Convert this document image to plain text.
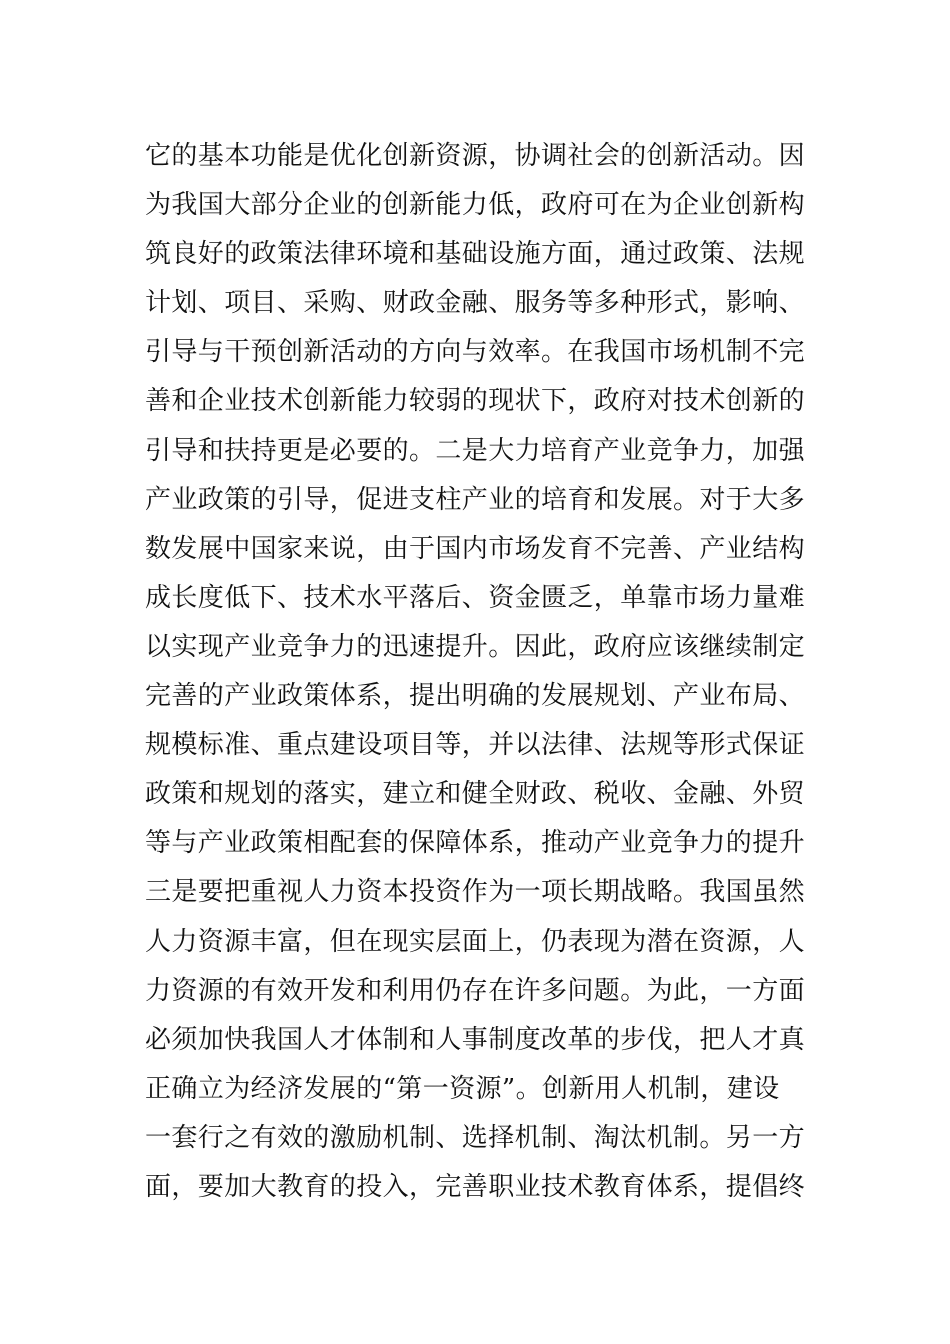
它的基本功能是优化创新资源，协调社会的创新活动。因
为我国大部分企业的创新能力低，政府可在为企业创新构
筑良好的政策法律环境和基础设施方面，通过政策、法规
计划、项目、采购、财政金融、服务等多种形式，影响、
引导与干预创新活动的方向与效率。在我国市场机制不完
善和企业技术创新能力较弱的现状下，政府对技术创新的
引导和扶持更是必要的。二是大力培育产业竞争力，加强
产业政策的引导，促进支柱产业的培育和发展。对于大多
数发展中国家来说，由于国内市场发育不完善、产业结构
成长度低下、技术水平落后、资金匮乏，单靠市场力量难
以实现产业竞争力的迅速提升。因此，政府应该继续制定
完善的产业政策体系，提出明确的发展规划、产业布局、
规模标准、重点建设项目等，并以法律、法规等形式保证
政策和规划的落实，建立和健全财政、税收、金融、外贸
等与产业政策相配套的保障体系，推动产业竞争力的提升
三是要把重视人力资本投资作为一项长期战略。我国虽然
人力资源丰富，但在现实层面上，仍表现为潜在资源，人
力资源的有效开发和利用仍存在许多问题。为此，一方面
必须加快我国人才体制和人事制度改革的步伐，把人才真
正确立为经济发展的“第一资源”。创新用人机制，建设
一套行之有效的激励机制、选择机制、淘汰机制。另一方
面，要加大教育的投入，完善职业技术教育体系，提倡终
